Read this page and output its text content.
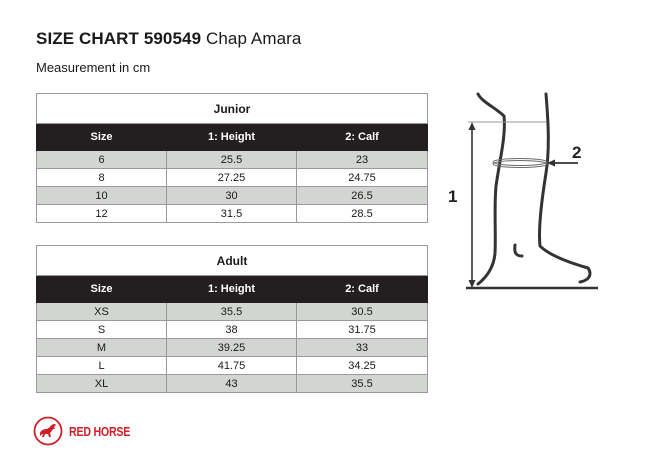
SIZE CHART 590549 Chap Amara
Measurement in cm
Junior		
Size	1: Height	2: Calf
6	25.5	23
8	27.25	24.75
10	30	26.5
12	31.5	28.5
Adult		
Size	1: Height	2: Calf
XS	35.5	30.5
S	38	31.75
M	39.25	33
L	41.75	34.25
XL	43	35.5
1
2
RED HORSE
